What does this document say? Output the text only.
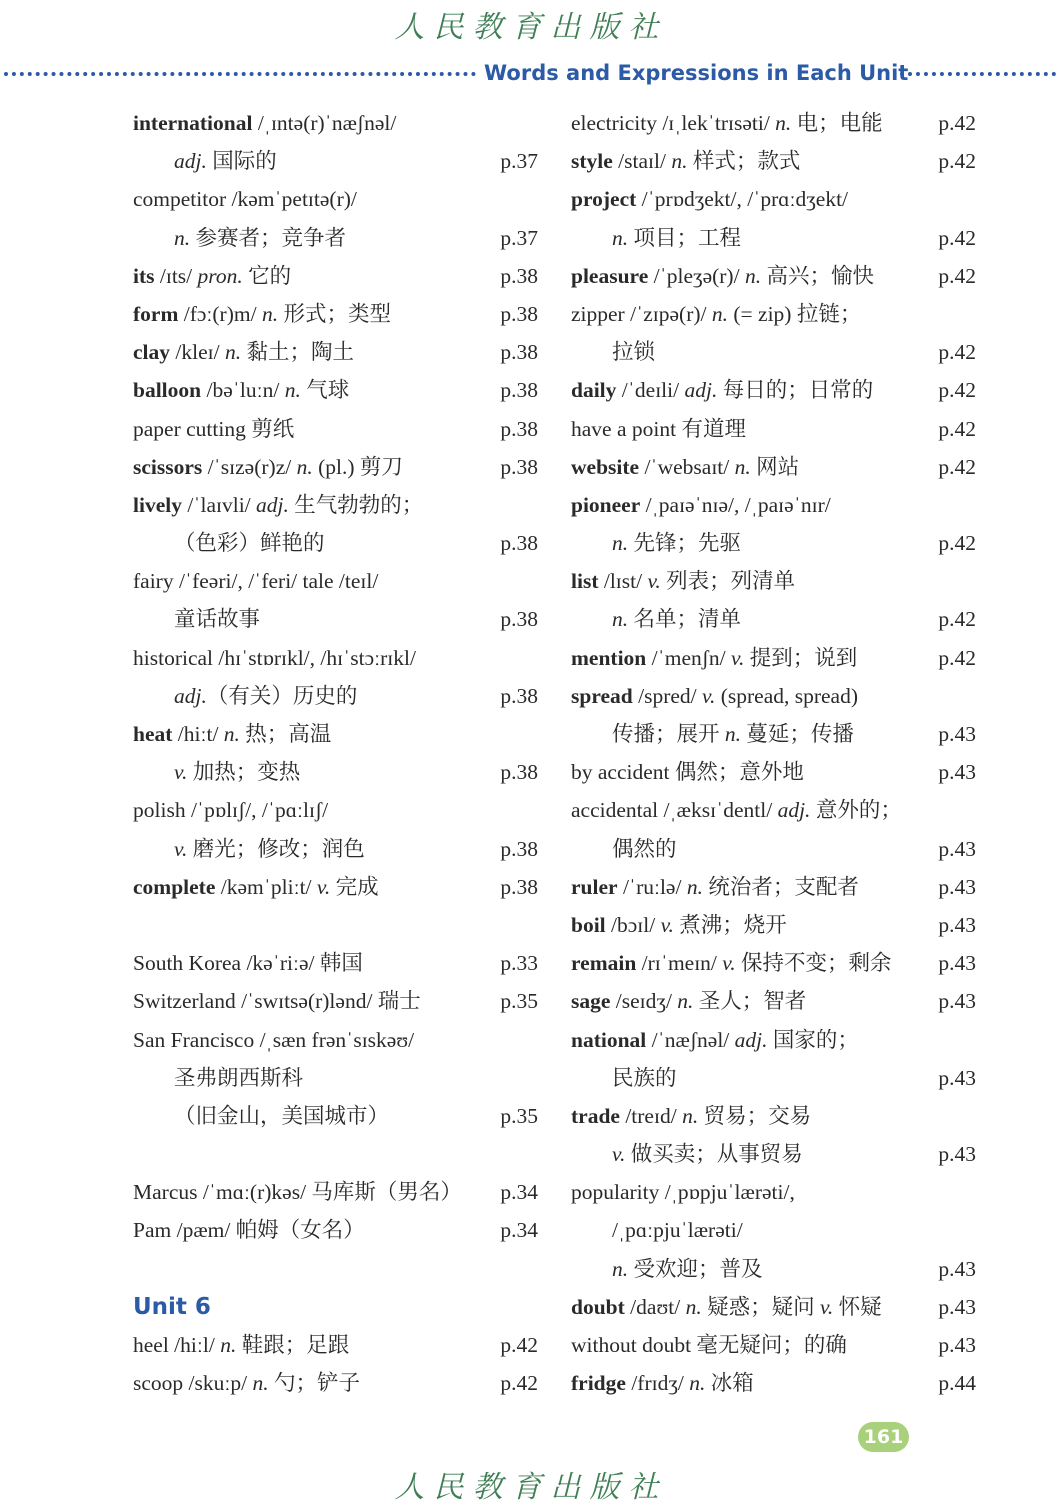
人民教育出版社
Words and Expressions in Each Unit
international /ˌɪntə(r)ˈnæʃnəl/
adj. 国际的	p.37
competitor /kəmˈpetɪtə(r)/
n. 参赛者；竞争者	p.37
its /ɪts/ pron. 它的	p.38
form /fɔː(r)m/ n. 形式；类型	p.38
clay /kleɪ/ n. 黏土；陶土	p.38
balloon /bəˈluːn/ n. 气球	p.38
paper cutting 剪纸	p.38
scissors /ˈsɪzə(r)z/ n. (pl.) 剪刀	p.38
lively /ˈlaɪvli/ adj. 生气勃勃的；
（色彩）鲜艳的	p.38
fairy /ˈfeəri/, /ˈferi/ tale /teɪl/
童话故事	p.38
historical /hɪˈstɒrɪkl/, /hɪˈstɔːrɪkl/
adj.（有关）历史的	p.38
heat /hiːt/ n. 热；高温
v. 加热；变热	p.38
polish /ˈpɒlɪʃ/, /ˈpɑːlɪʃ/
v. 磨光；修改；润色	p.38
complete /kəmˈpliːt/ v. 完成	p.38
South Korea /kəˈriːə/ 韩国	p.33
Switzerland /ˈswɪtsə(r)lənd/ 瑞士	p.35
San Francisco /ˌsæn frənˈsɪskəʊ/
圣弗朗西斯科
（旧金山，美国城市）	p.35
Marcus /ˈmɑː(r)kəs/ 马库斯（男名） p.34
Pam /pæm/ 帕姆（女名）	p.34
Unit 6
heel /hiːl/ n. 鞋跟；足跟	p.42
scoop /skuːp/ n. 勺；铲子	p.42
electricity /ɪˌlekˈtrɪsəti/ n. 电；电能	p.42
style /staɪl/ n. 样式；款式	p.42
project /ˈprɒdʒekt/, /ˈprɑːdʒekt/
n. 项目；工程	p.42
pleasure /ˈpleʒə(r)/ n. 高兴；愉快	p.42
zipper /ˈzɪpə(r)/ n. (= zip) 拉链；
拉锁	p.42
daily /ˈdeɪli/ adj. 每日的；日常的	p.42
have a point 有道理	p.42
website /ˈwebsaɪt/ n. 网站	p.42
pioneer /ˌpaɪəˈnɪə/, /ˌpaɪəˈnɪr/
n. 先锋；先驱	p.42
list /lɪst/ v. 列表；列清单
n. 名单；清单	p.42
mention /ˈmenʃn/ v. 提到；说到	p.42
spread /spred/ v. (spread, spread)
传播；展开 n. 蔓延；传播	p.43
by accident 偶然；意外地	p.43
accidental /ˌæksɪˈdentl/ adj. 意外的；
偶然的	p.43
ruler /ˈruːlə/ n. 统治者；支配者	p.43
boil /bɔɪl/ v. 煮沸；烧开	p.43
remain /rɪˈmeɪn/ v. 保持不变；剩余 p.43
sage /seɪdʒ/ n. 圣人；智者	p.43
national /ˈnæʃnəl/ adj. 国家的；
民族的	p.43
trade /treɪd/ n. 贸易；交易
v. 做买卖；从事贸易	p.43
popularity /ˌpɒpjuˈlærəti/,
/ˌpɑːpjuˈlærəti/
n. 受欢迎；普及	p.43
doubt /daʊt/ n. 疑惑；疑问 v. 怀疑	p.43
without doubt 毫无疑问；的确	p.43
fridge /frɪdʒ/ n. 冰箱	p.44
161
人民教育出版社
